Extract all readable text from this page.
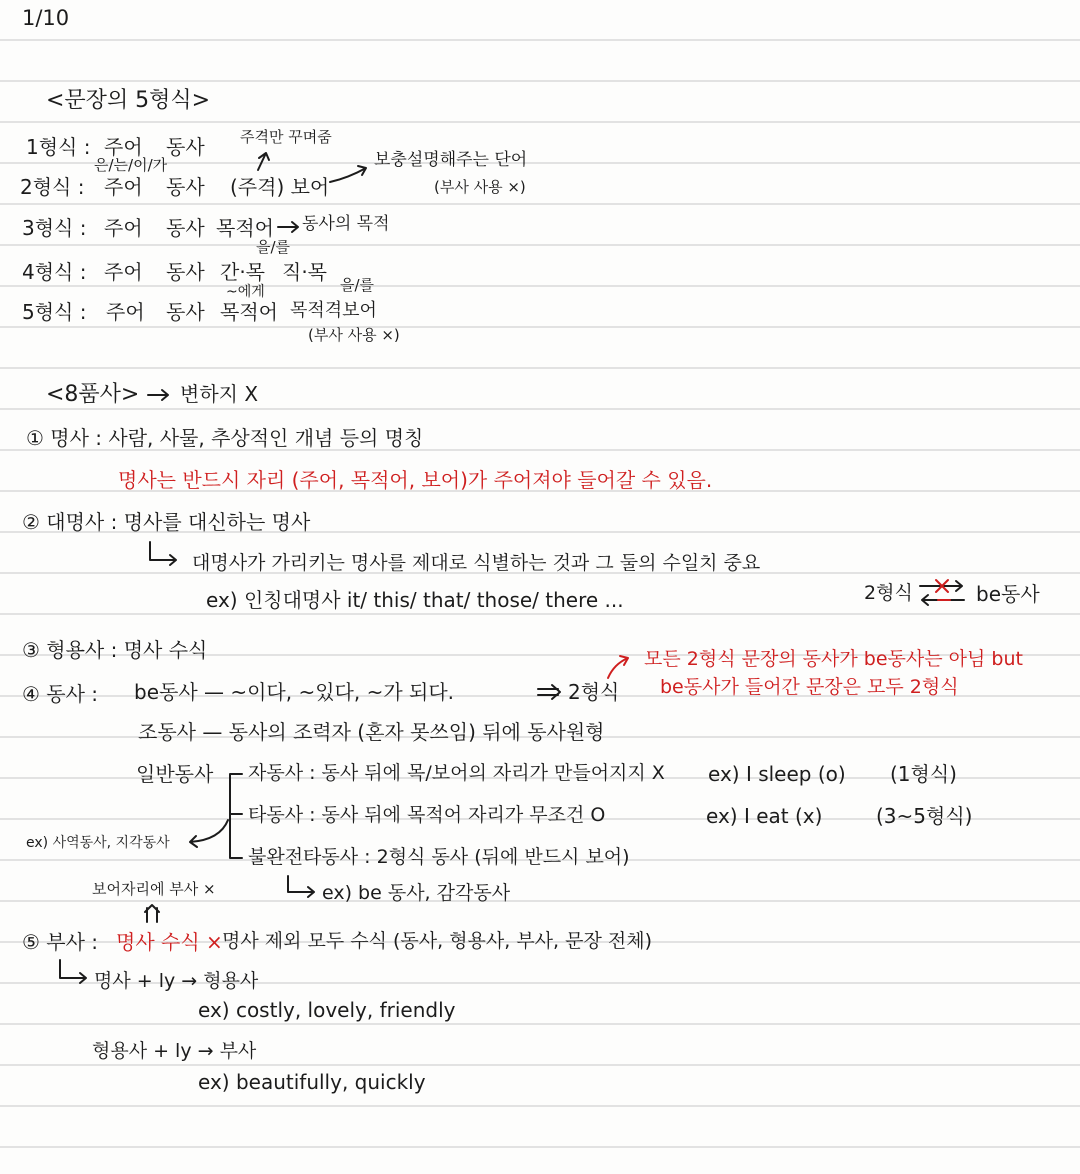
1/10
<문장의 5형식>
1형식 : 주어 동사
은/는/이/가
주격만 꾸며줌
2형식 : 주어 동사 (주격) 보어
보충설명해주는 단어
(부사 사용 ×)
3형식 : 주어 동사 목적어 동사의 목적
을/를
4형식 : 주어 동사 간·목 직·목
~에게	을/를
5형식 : 주어 동사 목적어 목적격보어
(부사 사용 ×)
<8품사> 변하지 X
① 명사 : 사람, 사물, 추상적인 개념 등의 명칭
명사는 반드시 자리 (주어, 목적어, 보어)가 주어져야 들어갈 수 있음.
② 대명사 : 명사를 대신하는 명사
대명사가 가리키는 명사를 제대로 식별하는 것과 그 둘의 수일치 중요
ex) 인칭대명사 it/ this/ that/ those/ there ...	2형식	be동사
③ 형용사 : 명사 수식
④ 동사 : be동사 — ~이다, ~있다, ~가 되다.	2형식
모든 2형식 문장의 동사가 be동사는 아님 but
be동사가 들어간 문장은 모두 2형식
조동사 — 동사의 조력자 (혼자 못쓰임) 뒤에 동사원형
일반동사 자동사 : 동사 뒤에 목/보어의 자리가 만들어지지 X ex) I sleep (o) (1형식)
타동사 : 동사 뒤에 목적어 자리가 무조건 O	ex) I eat (x)	(3~5형식)
ex) 사역동사, 지각동사
불완전타동사 : 2형식 동사 (뒤에 반드시 보어)
보어자리에 부사 ×	ex) be 동사, 감각동사
⑤ 부사 : 명사 수식 × 명사 제외 모두 수식 (동사, 형용사, 부사, 문장 전체)
명사 + ly → 형용사
ex) costly, lovely, friendly
형용사 + ly → 부사
ex) beautifully, quickly
